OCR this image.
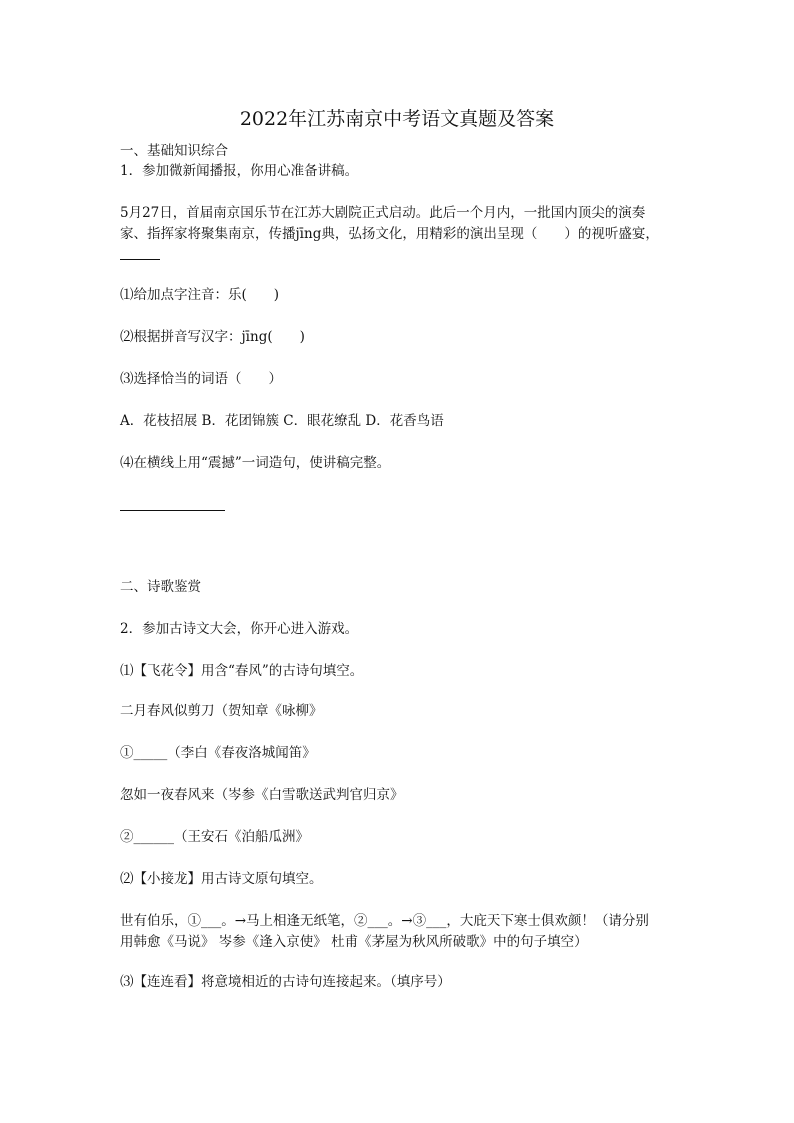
2022年江苏南京中考语文真题及答案
一、基础知识综合
1．参加微新闻播报，你用心准备讲稿。
5月27日，首届南京国乐节在江苏大剧院正式启动。此后一个月内，一批国内顶尖的演奏
家、指挥家将聚集南京，传播jīng典，弘扬文化，用精彩的演出呈现（　　）的视听盛宴，
⑴给加点字注音：乐(　　)
⑵根据拼音写汉字：jīng(　　)
⑶选择恰当的词语（　　）
A．花枝招展 B．花团锦簇 C．眼花缭乱 D．花香鸟语
⑷在横线上用“震撼”一词造句，使讲稿完整。
二、诗歌鉴赏
2．参加古诗文大会，你开心进入游戏。
⑴【飞花令】用含“春风”的古诗句填空。
二月春风似剪刀（贺知章《咏柳》
①_____（李白《春夜洛城闻笛》
忽如一夜春风来（岑参《白雪歌送武判官归京》
②______（王安石《泊船瓜洲》
⑵【小接龙】用古诗文原句填空。
世有伯乐，①___。→马上相逢无纸笔，②___。→③___，大庇天下寒士俱欢颜！（请分别
用韩愈《马说》 岑参《逢入京使》 杜甫《茅屋为秋风所破歌》中的句子填空）
⑶【连连看】将意境相近的古诗句连接起来。（填序号）
